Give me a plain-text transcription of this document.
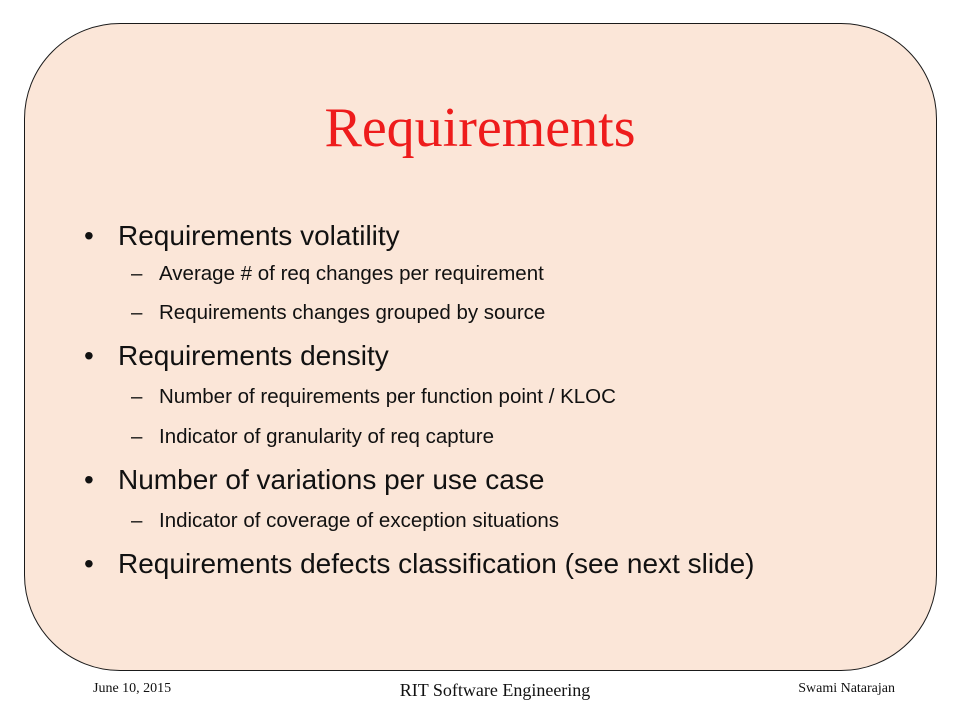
Requirements
• Requirements volatility
– Average # of req changes per requirement
– Requirements changes grouped by source
• Requirements density
– Number of requirements per function point / KLOC
– Indicator of granularity of req capture
• Number of variations per use case
– Indicator of coverage of exception situations
• Requirements defects classification (see next slide)
June 10, 2015	RIT Software Engineering	Swami Natarajan
